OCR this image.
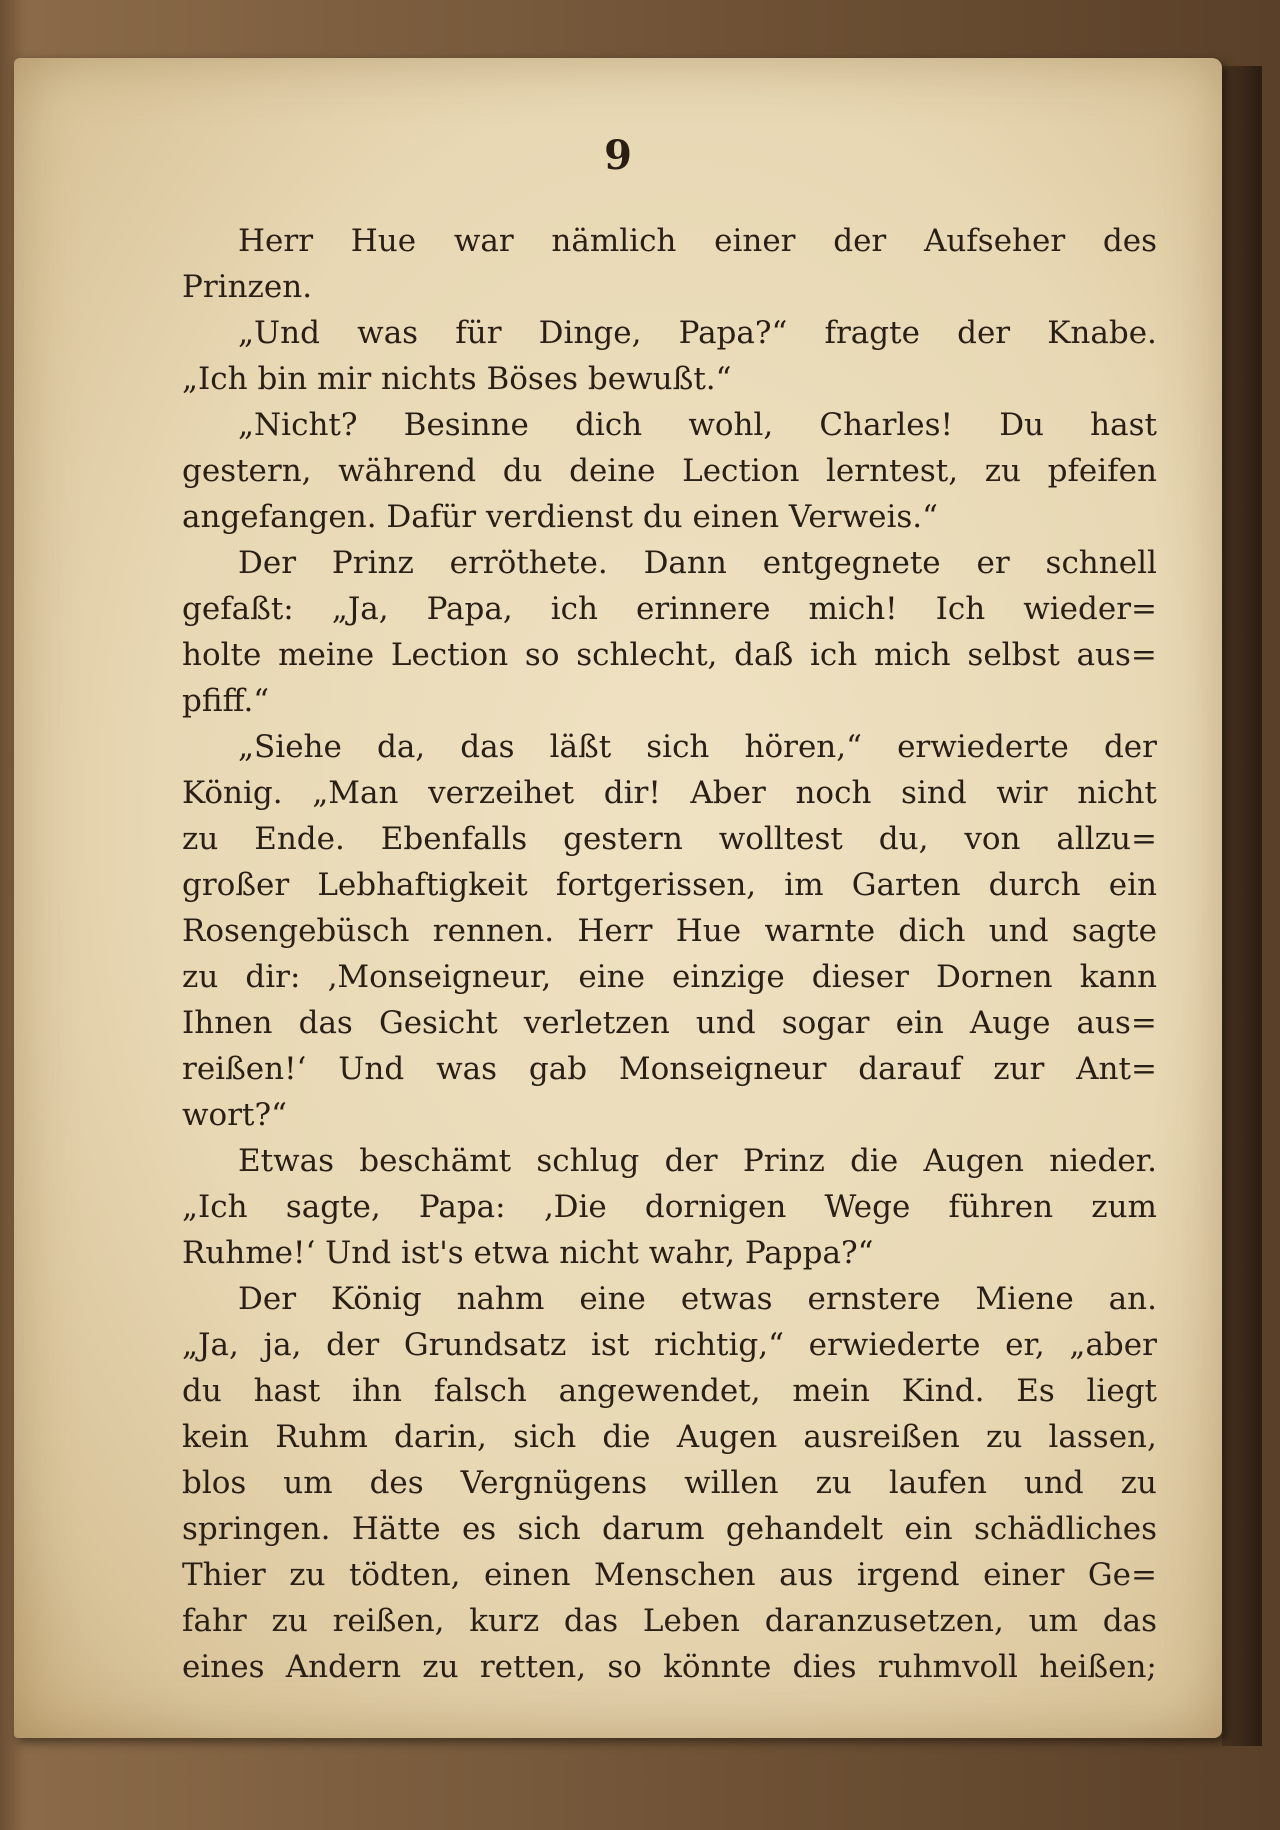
9
Herr Hue war nämlich einer der Aufseher des
Prinzen.
„Und was für Dinge, Papa?“ fragte der Knabe.
„Ich bin mir nichts Böses bewußt.“
„Nicht? Besinne dich wohl, Charles! Du hast
gestern, während du deine Lection lerntest, zu pfeifen
angefangen. Dafür verdienst du einen Verweis.“
Der Prinz erröthete. Dann entgegnete er schnell
gefaßt: „Ja, Papa, ich erinnere mich! Ich wieder=
holte meine Lection so schlecht, daß ich mich selbst aus=
pfiff.“
„Siehe da, das läßt sich hören,“ erwiederte der
König. „Man verzeihet dir! Aber noch sind wir nicht
zu Ende. Ebenfalls gestern wolltest du, von allzu=
großer Lebhaftigkeit fortgerissen, im Garten durch ein
Rosengebüsch rennen. Herr Hue warnte dich und sagte
zu dir: ‚Monseigneur, eine einzige dieser Dornen kann
Ihnen das Gesicht verletzen und sogar ein Auge aus=
reißen!‘ Und was gab Monseigneur darauf zur Ant=
wort?“
Etwas beschämt schlug der Prinz die Augen nieder.
„Ich sagte, Papa: ‚Die dornigen Wege führen zum
Ruhme!‘ Und ist's etwa nicht wahr, Pappa?“
Der König nahm eine etwas ernstere Miene an.
„Ja, ja, der Grundsatz ist richtig,“ erwiederte er, „aber
du hast ihn falsch angewendet, mein Kind. Es liegt
kein Ruhm darin, sich die Augen ausreißen zu lassen,
blos um des Vergnügens willen zu laufen und zu
springen. Hätte es sich darum gehandelt ein schädliches
Thier zu tödten, einen Menschen aus irgend einer Ge=
fahr zu reißen, kurz das Leben daranzusetzen, um das
eines Andern zu retten, so könnte dies ruhmvoll heißen;
